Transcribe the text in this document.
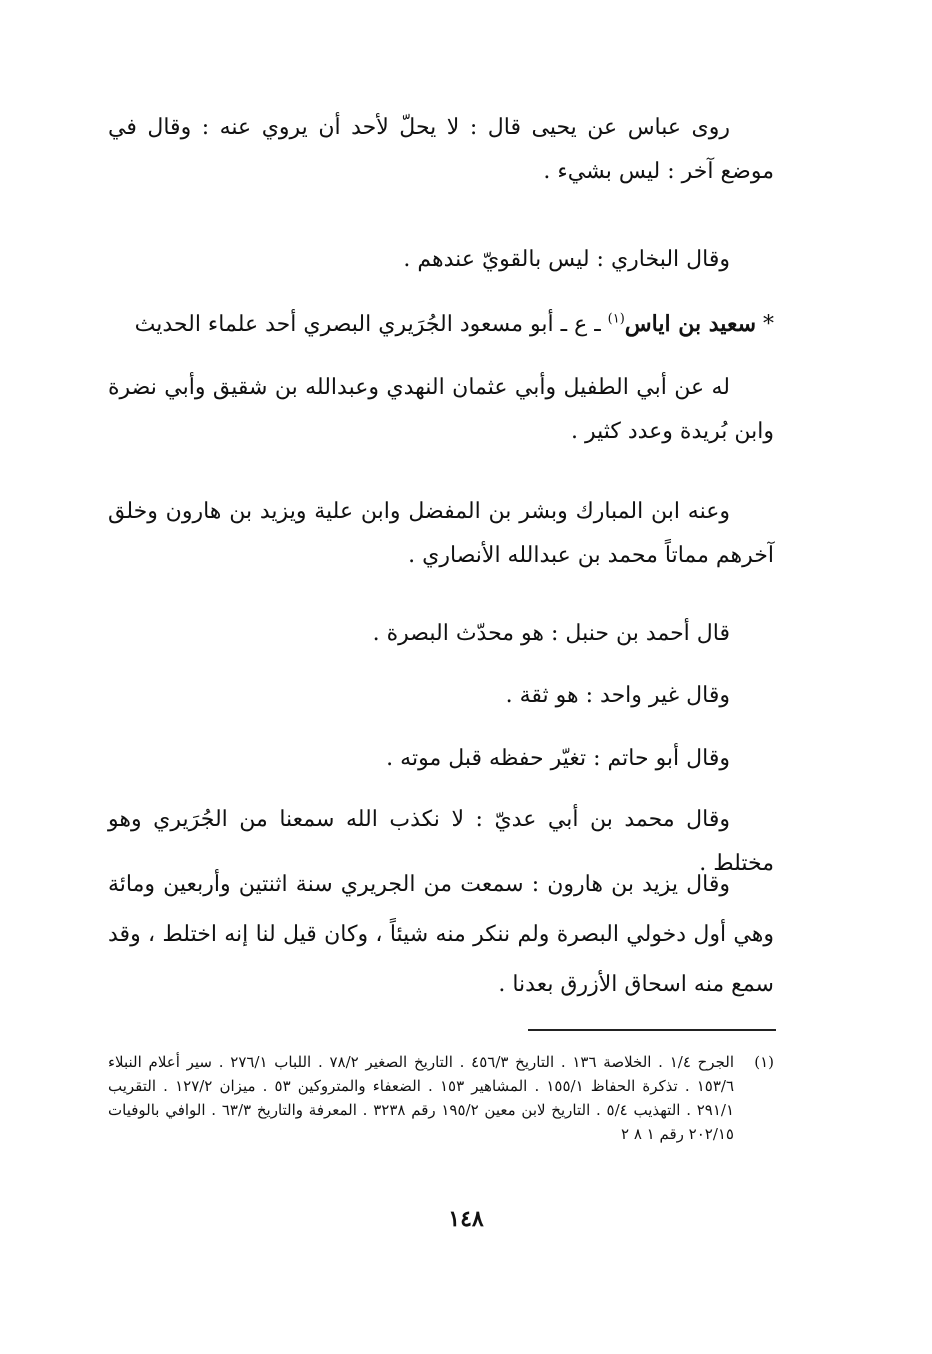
روى عباس عن يحيى قال : لا يحلّ لأحد أن يروي عنه : وقال في موضع آخر : ليس بشيء .

وقال البخاري : ليس بالقويّ عندهم .

* سعيد بن اياس$^{(١)}$ ـ ع ـ أبو مسعود الجُرَيري البصري أحد علماء الحديث

له عن أبي الطفيل وأبي عثمان النهدي وعبدالله بن شقيق وأبي نضرة وابن بُريدة وعدد كثير .

وعنه ابن المبارك وبشر بن المفضل وابن علية ويزيد بن هارون وخلق آخرهم مماتاً محمد بن عبدالله الأنصاري .

قال أحمد بن حنبل : هو محدّث البصرة .

وقال غير واحد : هو ثقة .

وقال أبو حاتم : تغيّر حفظه قبل موته .

وقال محمد بن أبي عديّ : لا نكذب الله سمعنا من الجُرَيري وهو مختلط .

وقال يزيد بن هارون : سمعت من الجريري سنة اثنتين وأربعين ومائة وهي أول دخولي البصرة ولم ننكر منه شيئاً ، وكان قيل لنا إنه اختلط ، وقد سمع منه اسحاق الأزرق بعدنا .

(١)
الجرح ١/٤ . الخلاصة ١٣٦ . التاريخ ٤٥٦/٣ . التاريخ الصغير ٧٨/٢ . اللباب ٢٧٦/١ . سير أعلام النبلاء ١٥٣/٦ . تذكرة الحفاظ ١٥٥/١ . المشاهير ١٥٣ . الضعفاء والمتروكين ٥٣ . ميزان ١٢٧/٢ . التقريب ٢٩١/١ . التهذيب ٥/٤ . التاريخ لابن معين ١٩٥/٢ رقم ٣٢٣٨ . المعرفة والتاريخ ٦٣/٣ . الوافي بالوفيات ٢٠٢/١٥ رقم ١ ٨ ٢
١٤٨
